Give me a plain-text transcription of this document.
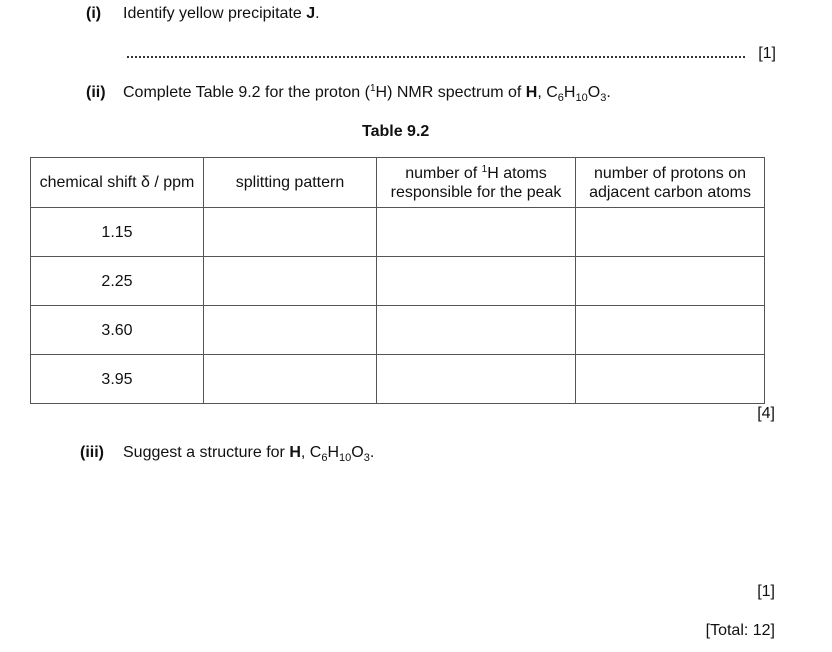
(i) Identify yellow precipitate J.
[1]
(ii) Complete Table 9.2 for the proton ($^1$H) NMR spectrum of H, $C_6H_{10}O_3$.
Table 9.2
chemical shift δ / ppm	splitting pattern	number of $^1$H atoms
responsible for the peak	number of protons on
adjacent carbon atoms
1.15			
2.25			
3.60			
3.95			
[4]
(iii) Suggest a structure for H, $C_6H_{10}O_3$.
[1]
[Total: 12]
